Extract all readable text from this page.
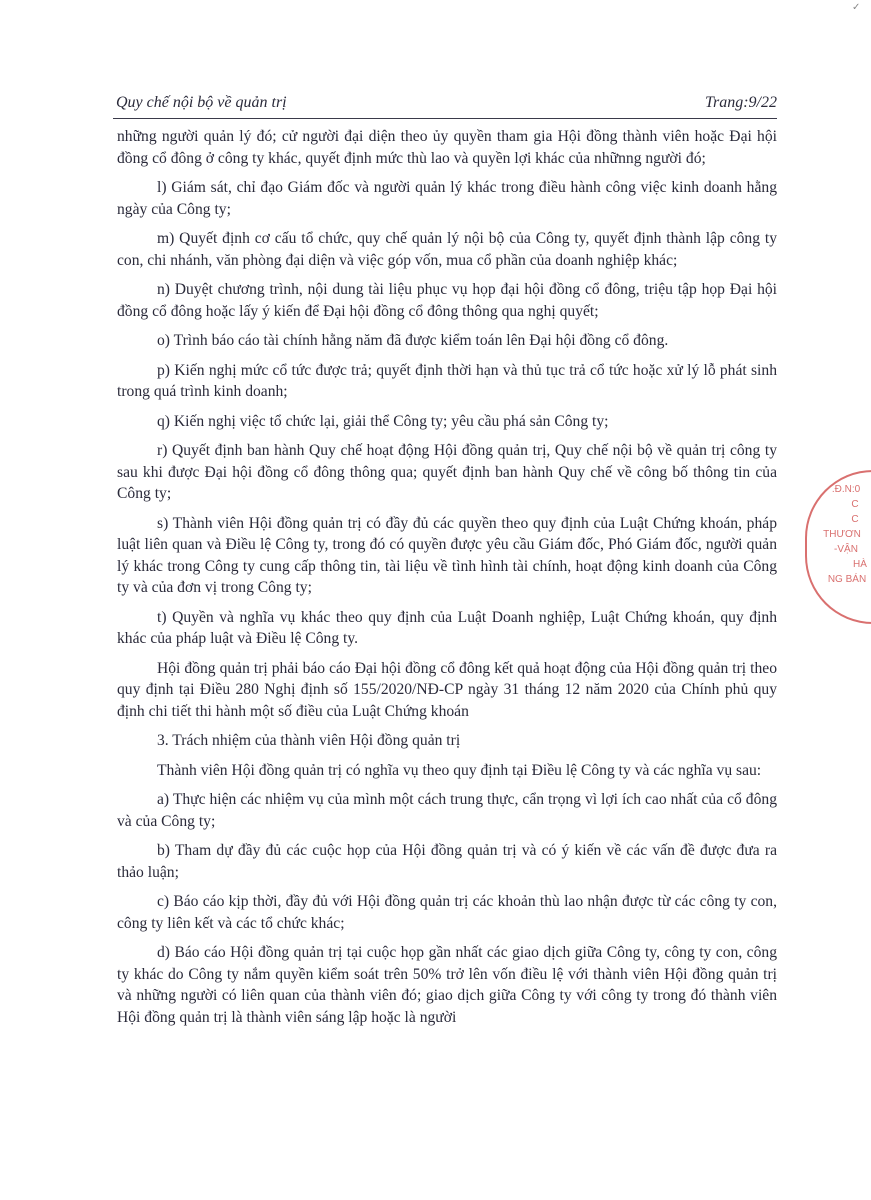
✓
Quy chế nội bộ về quản trị	Trang:9/22

những người quản lý đó; cử người đại diện theo ủy quyền tham gia Hội đồng thành viên hoặc Đại hội đồng cổ đông ở công ty khác, quyết định mức thù lao và quyền lợi khác của nhữnng người đó;

l) Giám sát, chỉ đạo Giám đốc và người quản lý khác trong điều hành công việc kinh doanh hằng ngày của Công ty;

m) Quyết định cơ cấu tổ chức, quy chế quản lý nội bộ của Công ty, quyết định thành lập công ty con, chi nhánh, văn phòng đại diện và việc góp vốn, mua cổ phần của doanh nghiệp khác;

n) Duyệt chương trình, nội dung tài liệu phục vụ họp đại hội đồng cổ đông, triệu tập họp Đại hội đồng cổ đông hoặc lấy ý kiến để Đại hội đồng cổ đông thông qua nghị quyết;

o) Trình báo cáo tài chính hằng năm đã được kiểm toán lên Đại hội đồng cổ đông.

p) Kiến nghị mức cổ tức được trả; quyết định thời hạn và thủ tục trả cổ tức hoặc xử lý lỗ phát sinh trong quá trình kinh doanh;

q) Kiến nghị việc tổ chức lại, giải thể Công ty; yêu cầu phá sản Công ty;

r) Quyết định ban hành Quy chế hoạt động Hội đồng quản trị, Quy chế nội bộ về quản trị công ty sau khi được Đại hội đồng cổ đông thông qua; quyết định ban hành Quy chế về công bố thông tin của Công ty;

s) Thành viên Hội đồng quản trị có đầy đủ các quyền theo quy định của Luật Chứng khoán, pháp luật liên quan và Điều lệ Công ty, trong đó có quyền được yêu cầu Giám đốc, Phó Giám đốc, người quản lý khác trong Công ty cung cấp thông tin, tài liệu về tình hình tài chính, hoạt động kinh doanh của Công ty và của đơn vị trong Công ty;

t) Quyền và nghĩa vụ khác theo quy định của Luật Doanh nghiệp, Luật Chứng khoán, quy định khác của pháp luật và Điều lệ Công ty.

Hội đồng quản trị phải báo cáo Đại hội đồng cổ đông kết quả hoạt động của Hội đồng quản trị theo quy định tại Điều 280 Nghị định số 155/2020/NĐ-CP ngày 31 tháng 12 năm 2020 của Chính phủ quy định chi tiết thi hành một số điều của Luật Chứng khoán

3. Trách nhiệm của thành viên Hội đồng quản trị

Thành viên Hội đồng quản trị có nghĩa vụ theo quy định tại Điều lệ Công ty và các nghĩa vụ sau:

a) Thực hiện các nhiệm vụ của mình một cách trung thực, cẩn trọng vì lợi ích cao nhất của cổ đông và của Công ty;

b) Tham dự đầy đủ các cuộc họp của Hội đồng quản trị và có ý kiến về các vấn đề được đưa ra thảo luận;

c) Báo cáo kịp thời, đầy đủ với Hội đồng quản trị các khoản thù lao nhận được từ các công ty con, công ty liên kết và các tổ chức khác;

d) Báo cáo Hội đồng quản trị tại cuộc họp gần nhất các giao dịch giữa Công ty, công ty con, công ty khác do Công ty nắm quyền kiểm soát trên 50% trở lên vốn điều lệ với thành viên Hội đồng quản trị và những người có liên quan của thành viên đó; giao dịch giữa Công ty với công ty trong đó thành viên Hội đồng quản trị là thành viên sáng lập hoặc là người

.Đ.N:0
C
C
THƯƠN
-VẬN
HÀ
NG BÁN
